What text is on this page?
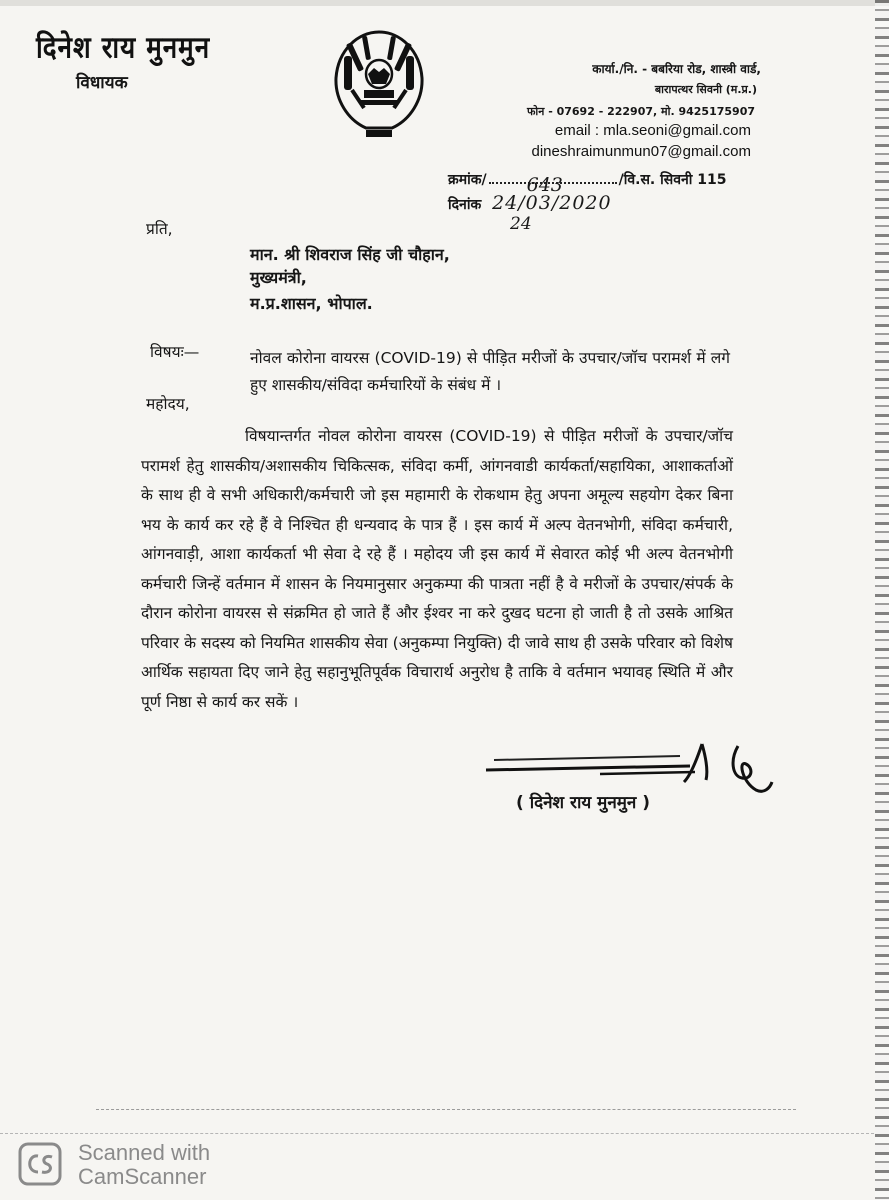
दिनेश राय मुनमुन
विधायक
कार्या./नि. - बबरिया रोड, शास्त्री वार्ड,
बारापत्थर सिवनी (म.प्र.)
फोन - 07692 - 222907, मो. 9425175907
email : mla.seoni@gmail.com
dineshraimunmun07@gmail.com
क्रमांक/ 643	/वि.स. सिवनी 115
दिनांक 24/03/2020
24
प्रति,
मान. श्री शिवराज सिंह जी चौहान,
मुख्यमंत्री,
म.प्र.शासन, भोपाल.
विषयः—	नोवल कोरोना वायरस (COVID-19) से पीड़ित मरीजों के उपचार/जॉच परामर्श में लगे हुए शासकीय/संविदा कर्मचारियों के संबंध में ।
महोदय,
विषयान्तर्गत नोवल कोरोना वायरस (COVID-19) से पीड़ित मरीजों के उपचार/जॉच परामर्श हेतु शासकीय/अशासकीय चिकित्सक, संविदा कर्मी, आंगनवाडी कार्यकर्ता/सहायिका, आशाकर्ताओं के साथ ही वे सभी अधिकारी/कर्मचारी जो इस महामारी के रोकथाम हेतु अपना अमूल्य सहयोग देकर बिना भय के कार्य कर रहे हैं वे निश्चित ही धन्यवाद के पात्र हैं । इस कार्य में अल्प वेतनभोगी, संविदा कर्मचारी, आंगनवाड़ी, आशा कार्यकर्ता भी सेवा दे रहे हैं । महोदय जी इस कार्य में सेवारत कोई भी अल्प वेतनभोगी कर्मचारी जिन्हें वर्तमान में शासन के नियमानुसार अनुकम्पा की पात्रता नहीं है वे मरीजों के उपचार/संपर्क के दौरान कोरोना वायरस से संक्रमित हो जाते हैं और ईश्वर ना करे दुखद घटना हो जाती है तो उसके आश्रित परिवार के सदस्य को नियमित शासकीय सेवा (अनुकम्पा नियुक्ति) दी जावे साथ ही उसके परिवार को विशेष आर्थिक सहायता दिए जाने हेतु सहानुभूतिपूर्वक विचारार्थ अनुरोध है ताकि वे वर्तमान भयावह स्थिति में और पूर्ण निष्ठा से कार्य कर सकें ।
( दिनेश राय मुनमुन )
Scanned with
CamScanner
